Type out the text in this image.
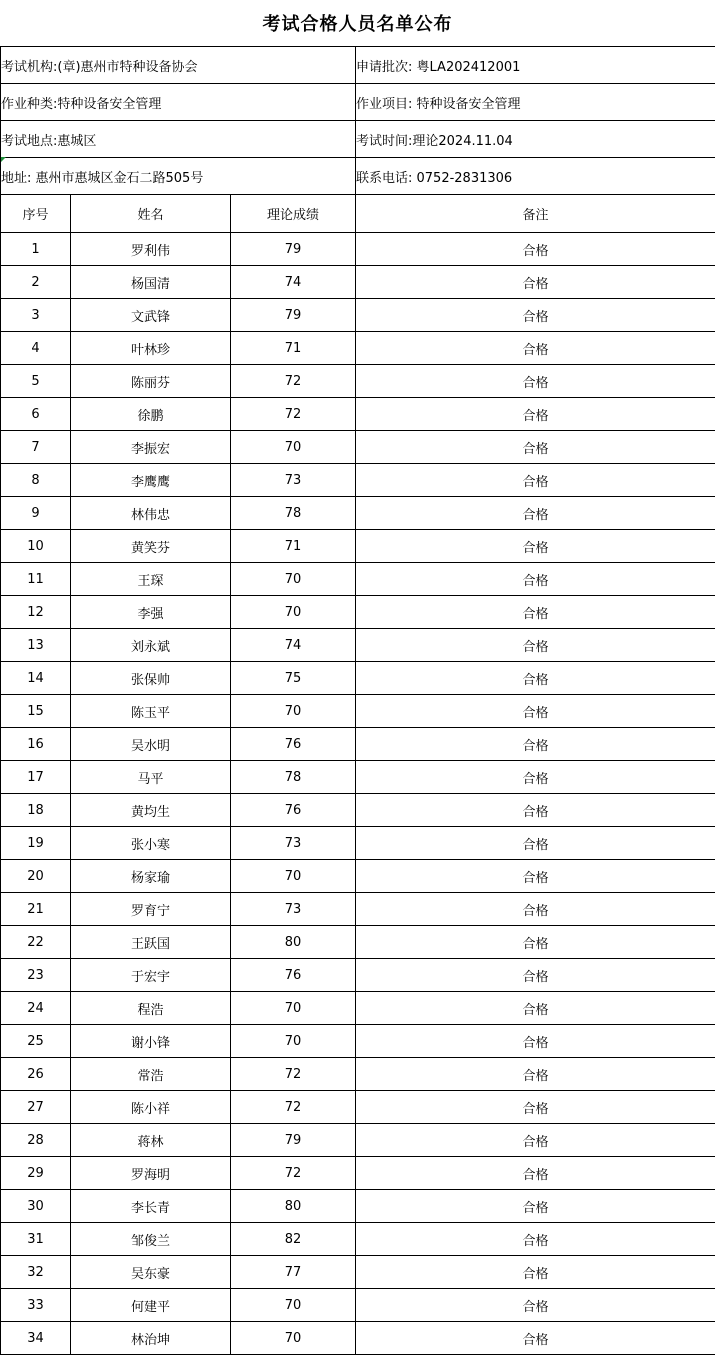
考试合格人员名单公布
考试机构:(章)惠州市特种设备协会			申请批次: 粤LA202412001
作业种类:特种设备安全管理			作业项目: 特种设备安全管理
考试地点:惠城区			考试时间:理论2024.11.04
地址: 惠州市惠城区金石二路505号			联系电话: 0752-2831306
序号	姓名	理论成绩	备注
1	罗利伟	79	合格
2	杨国清	74	合格
3	文武锋	79	合格
4	叶林珍	71	合格
5	陈丽芬	72	合格
6	徐鹏	72	合格
7	李振宏	70	合格
8	李鹰鹰	73	合格
9	林伟忠	78	合格
10	黄笑芬	71	合格
11	王琛	70	合格
12	李强	70	合格
13	刘永斌	74	合格
14	张保帅	75	合格
15	陈玉平	70	合格
16	吴水明	76	合格
17	马平	78	合格
18	黄均生	76	合格
19	张小寒	73	合格
20	杨家瑜	70	合格
21	罗育宁	73	合格
22	王跃国	80	合格
23	于宏宇	76	合格
24	程浩	70	合格
25	谢小锋	70	合格
26	常浩	72	合格
27	陈小祥	72	合格
28	蒋林	79	合格
29	罗海明	72	合格
30	李长青	80	合格
31	邹俊兰	82	合格
32	吴东豪	77	合格
33	何建平	70	合格
34	林治坤	70	合格
